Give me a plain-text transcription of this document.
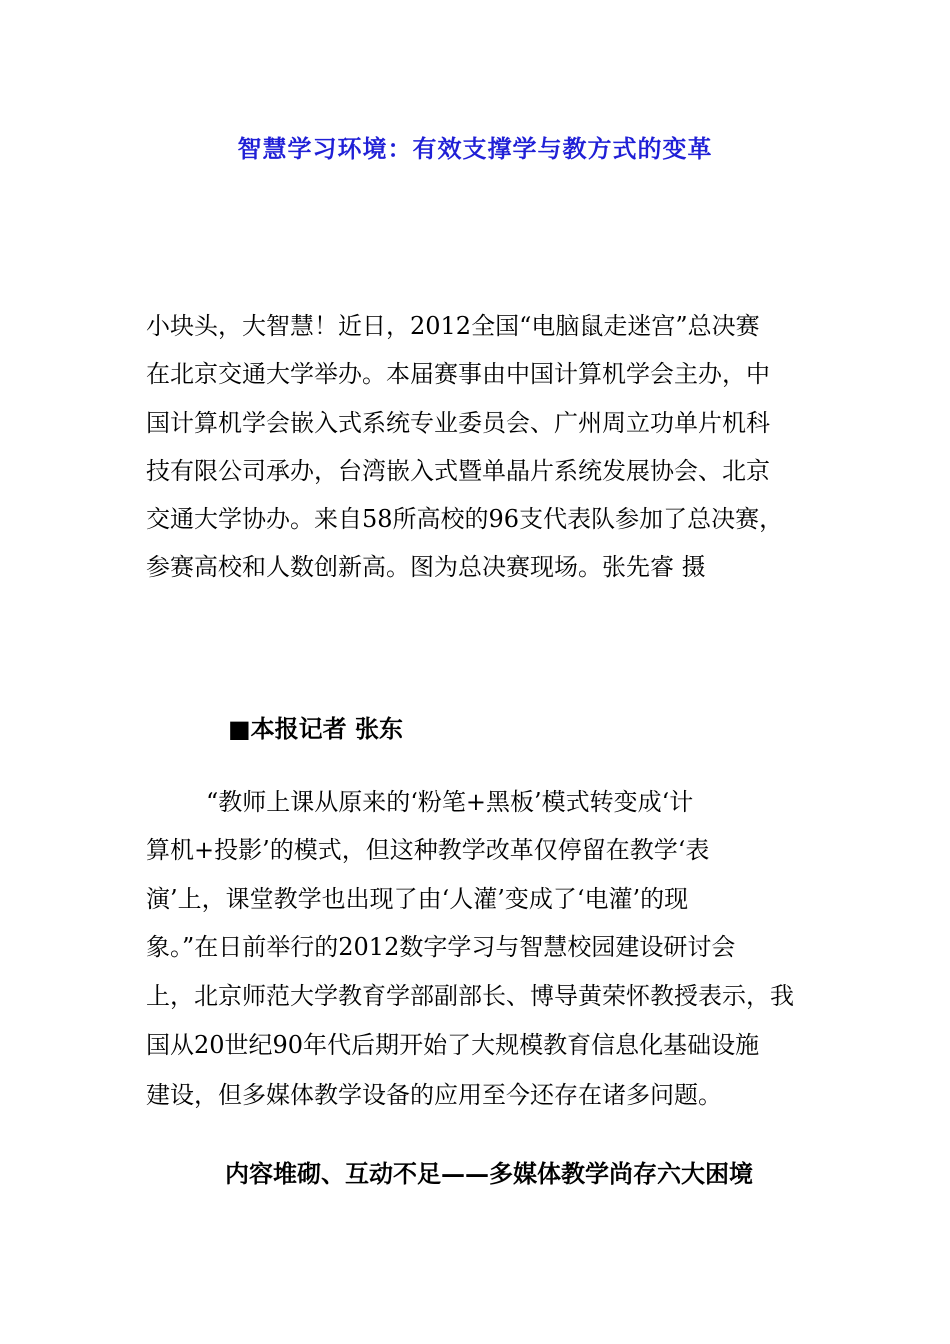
智慧学习环境：有效支撑学与教方式的变革
小块头，大智慧！近日，2012全国“电脑鼠走迷宫”总决赛
在北京交通大学举办。本届赛事由中国计算机学会主办，中
国计算机学会嵌入式系统专业委员会、广州周立功单片机科
技有限公司承办，台湾嵌入式暨单晶片系统发展协会、北京
交通大学协办。来自58所高校的96支代表队参加了总决赛，
参赛高校和人数创新高。图为总决赛现场。张先睿 摄
■本报记者 张东
“教师上课从原来的‘粉笔+黑板’模式转变成‘计
算机+投影’的模式，但这种教学改革仅停留在教学‘表
演’上，课堂教学也出现了由‘人灌’变成了‘电灌’的现
象。”在日前举行的2012数字学习与智慧校园建设研讨会
上，北京师范大学教育学部副部长、博导黄荣怀教授表示，我
国从20世纪90年代后期开始了大规模教育信息化基础设施
建设，但多媒体教学设备的应用至今还存在诸多问题。
内容堆砌、互动不足——多媒体教学尚存六大困境
